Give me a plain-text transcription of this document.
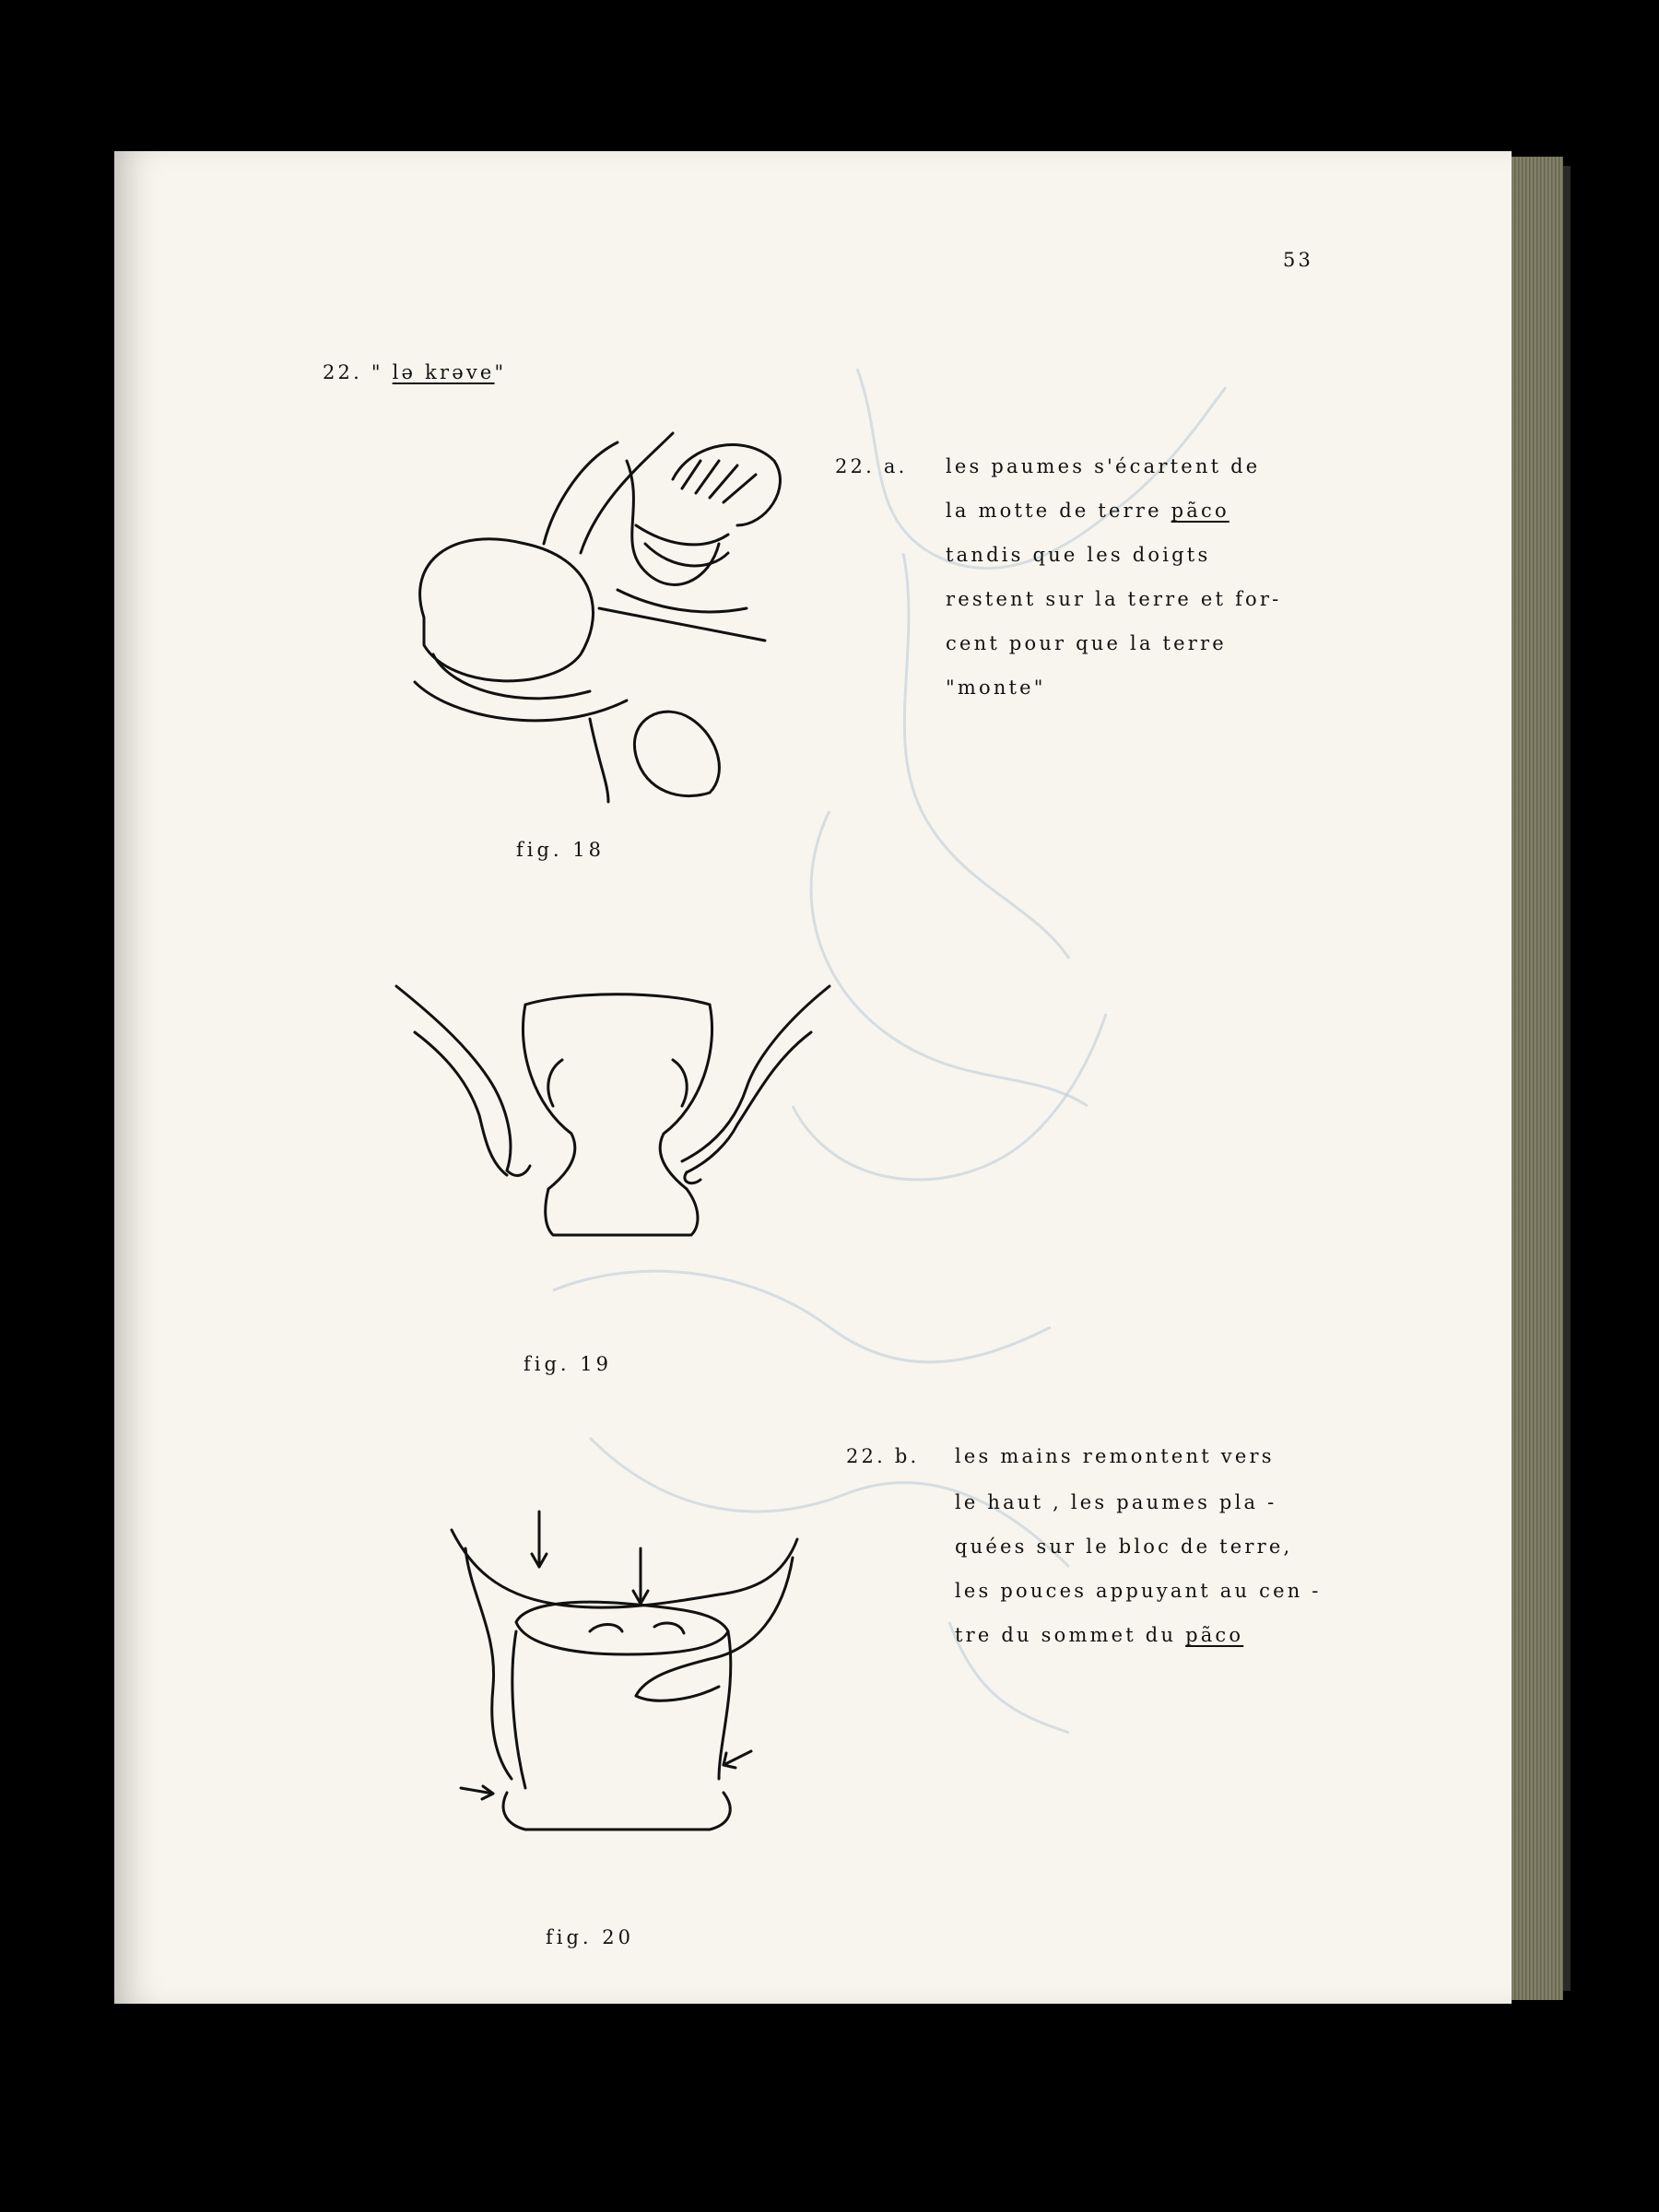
53
22. " lə krəve"
22. a. les paumes s'écartent de
la motte de terre pãco
tandis que les doigts
restent sur la terre et for-
cent pour que la terre
"monte"
22. b. les mains remontent vers
le haut , les paumes pla -
quées sur le bloc de terre,
les pouces appuyant au cen -
tre du sommet du pãco
fig. 18
fig. 19
fig. 20
